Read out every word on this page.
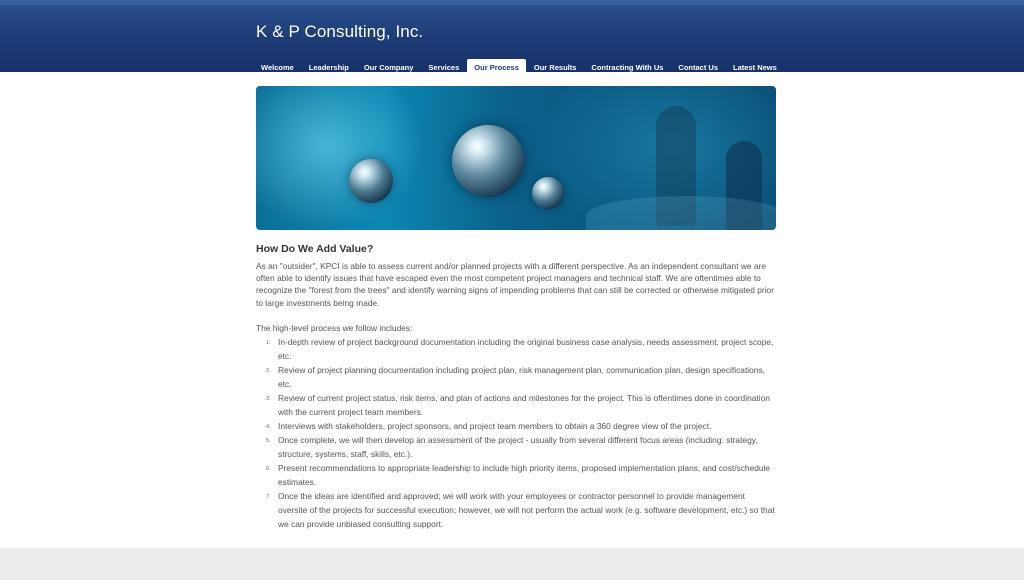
K & P Consulting, Inc.
Welcome	Leadership	Our Company	Services	Our Process	Our Results	Contracting With Us	Contact Us	Latest News
How Do We Add Value?

As an "outsider", KPCI is able to assess current and/or planned projects with a different perspective. As an independent consultant we are often able to identify issues that have escaped even the most competent project managers and technical staff. We are oftentimes able to recognize the "forest from the trees" and identify warning signs of impending problems that can still be corrected or otherwise mitigated prior to large investments being made.

The high-level process we follow includes:

1. In-depth review of project background documentation including the original business case analysis, needs assessment, project scope, etc.
2. Review of project planning documentation including project plan, risk management plan, communication plan, design specifications, etc.
3. Review of current project status, risk items, and plan of actions and milestones for the project. This is oftentimes done in coordination with the current project team members.
4. Interviews with stakeholders, project sponsors, and project team members to obtain a 360 degree view of the project.
5. Once complete, we will then develop an assessment of the project - usually from several different focus areas (including: strategy, structure, systems, staff, skills, etc.).
6. Present recommendations to appropriate leadership to include high priority items, proposed implementation plans, and cost/schedule estimates.
7. Once the ideas are identified and approved; we will work with your employees or contractor personnel to provide management oversite of the projects for successful execution; however, we will not perform the actual work (e.g. software development, etc.) so that we can provide unbiased consulting support.
